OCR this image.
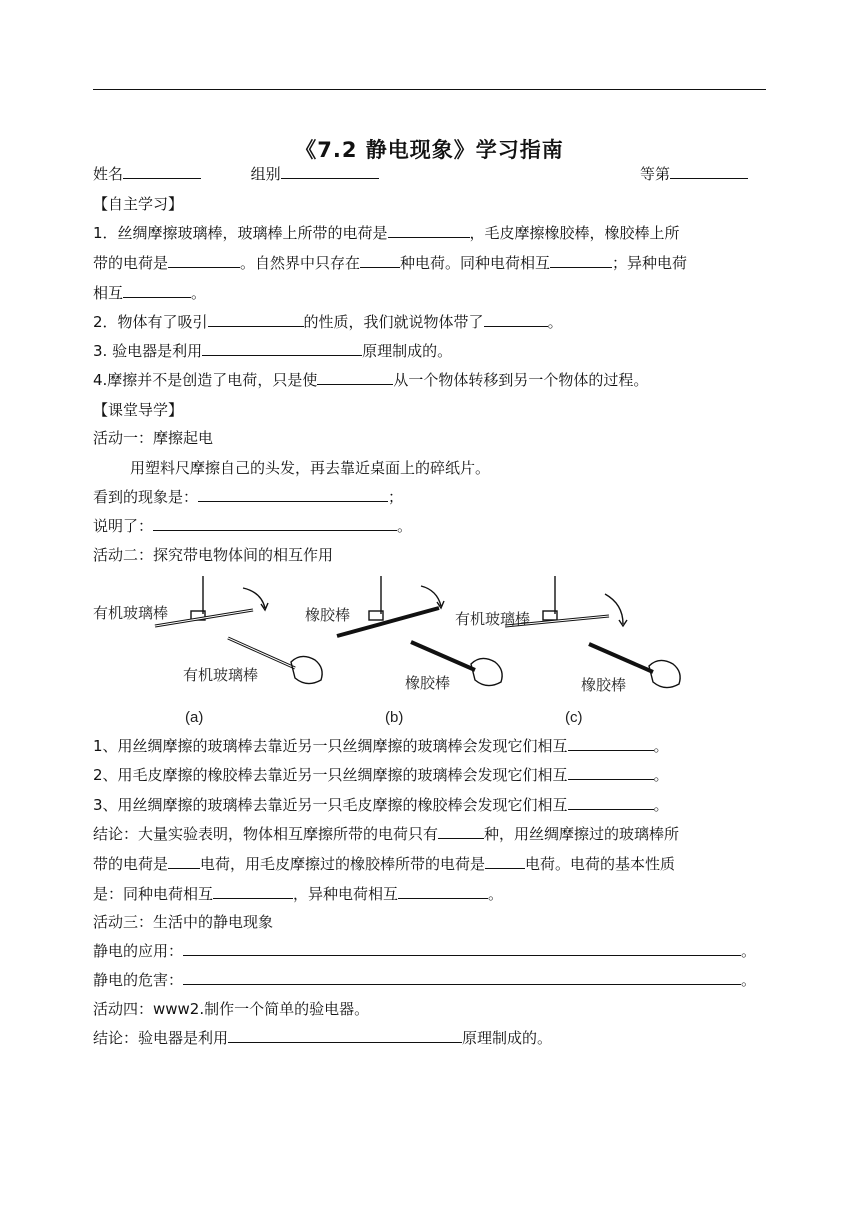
《7.2 静电现象》学习指南
姓名	组别	等第
【自主学习】
1．丝绸摩擦玻璃棒，玻璃棒上所带的电荷是	，毛皮摩擦橡胶棒，橡胶棒上所
带的电荷是	。自然界中只存在	种电荷。同种电荷相互	；异种电荷
相互	。
2．物体有了吸引	的性质，我们就说物体带了	。
3. 验电器是利用	原理制成的。
4.摩擦并不是创造了电荷，只是使	从一个物体转移到另一个物体的过程。
【课堂导学】
活动一：摩擦起电
用塑料尺摩擦自己的头发，再去靠近桌面上的碎纸片。
看到的现象是：	；
说明了：	。
活动二：探究带电物体间的相互作用
有机玻璃棒
有机玻璃棒
橡胶棒
橡胶棒
有机玻璃棒
橡胶棒
(a)	(b)	(c)
1、用丝绸摩擦的玻璃棒去靠近另一只丝绸摩擦的玻璃棒会发现它们相互	。
2、用毛皮摩擦的橡胶棒去靠近另一只丝绸摩擦的玻璃棒会发现它们相互	。
3、用丝绸摩擦的玻璃棒去靠近另一只毛皮摩擦的橡胶棒会发现它们相互	。
结论：大量实验表明，物体相互摩擦所带的电荷只有	种，用丝绸摩擦过的玻璃棒所
带的电荷是 电荷，用毛皮摩擦过的橡胶棒所带的电荷是	电荷。电荷的基本性质
是：同种电荷相互	，异种电荷相互	。
活动三：生活中的静电现象
静电的应用：	。
静电的危害：	。
活动四：www2.制作一个简单的验电器。
结论：验电器是利用	原理制成的。
